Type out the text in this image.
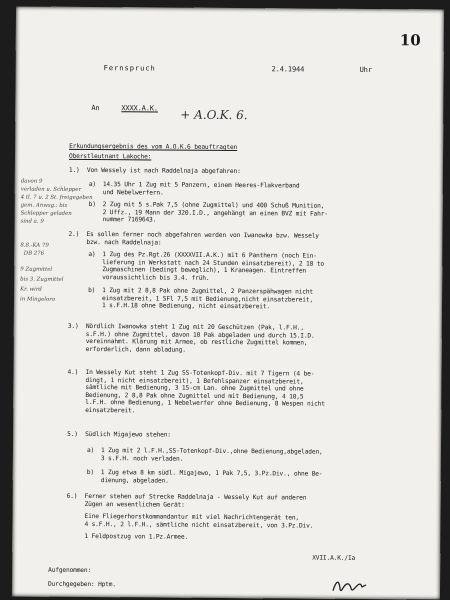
10
Fernspruch	2.4.1944	Uhr
An	XXXX.A.K. + A.O.K. 6.
Erkundungsergebnis des vom A.O.K.6 beauftragten
Oberstleutnant Lakoche:
davon 9
verladen u. Schlepper
4 tl. 7 u. 2 St. freigegeben
gem. Anwsg.: bis
Schlepper geladen
sind a. 9
8.8.-KA 79
DB 276
9 Zugmittel
bis 3. Zugmittel
Kr. wird
in Mingeloro
1.) Von Wessely ist nach Raddelnaja abgefahren:
a) 14.35 Uhr 1 Zug mit 5 Panzern, einem Heeres-Flakverband
und Nebelwerfern.
b) 2 Zug mit 5 s.Pak 7,5 (ohne Zugmittel) und 400 Schuß Munition,
2 Uffz., 19 Mann der 320.I.D., angehängt an einen BVZ mit Fahr-
nummer 7169643.
2.) Es sollen ferner noch abgefahren werden von Iwanowka bzw. Wessely
bzw. nach Raddelnaja:
a) 1 Zug des Pz.Rgt.26 (XXXXVII.A.K.) mit 6 Panthern (noch Ein-
lieferung in Werkstatt nach 24 Stunden einsatzbereit), 2 18 to
Zugmaschinen (bedingt beweglich), 1 Kraneagen. Eintreffen
voraussichtlich bis 3.4. früh.
b) 1 Zug mit 2 8,8 Pak ohne Zugmittel, 2 Panzerspähwagen nicht
einsatzbereit, 1 SFl 7,5 mit Bedienung,nicht einsatzbereit,
1 s.F.H.18 ohne Bedienung, nicht einsatzbereit.
3.) Nördlich Iwanowka steht 1 Zug mit 20 Geschützen (Pak, l.F.H.,
s.F.H.) ohne Zugmittel, davon 10 Pak abgeladen und durch 15.I.D.
vereinnahmt. Klärung mit Armee, ob restliche Zugmittel kommen,
erforderlich, dann abladung.
4.) In Wessely Kut steht 1 Zug SS-Totenkopf-Div. mit 7 Tigern (4 be-
dingt, 1 nicht einsatzbereit), 1 Befehlspanzer einsatzbereit,
sämtliche mit Bedienung, 3 15-cm Lan. ohne Zugmittel und ohne
Bedienung, 2 8,8 Pak ohne Zugmittel und mit Bedienung, 4 10,5
l.F.H. ohne Bedienung, 1 Nebelwerfer ohne Bedienung, 8 Wespen nicht
einsatzbereit.
5.) Südlich Migajewo stehen:
a) 1 Zug mit 2 l.F.H.,SS-Totenkopf-Div.,ohne Bedienung,abgeladen,
3 s.F.H. noch verladen.
b) 1 Zug etwa 8 km südl. Migajewo, 1 Pak 7,5, 3.Pz.Div., ohne Be-
dienung, abgeladen.
6.) Ferner stehen auf Strecke Raddelnaja - Wessely Kut auf anderen
Zügen an wesentlichem Gerät:
Eine Fliegerhorstkommandantur mit viel Nachrichtengerät ten,
4 s.F.H., 2 l.F.H., sämtliche nicht einsatzbereit, von 3.Pz.Div.
1 Feldpostzug von 1.Pz.Armee.
XVII.A.K./Ia
Aufgenommen:
Durchgegeben: Hptm.
